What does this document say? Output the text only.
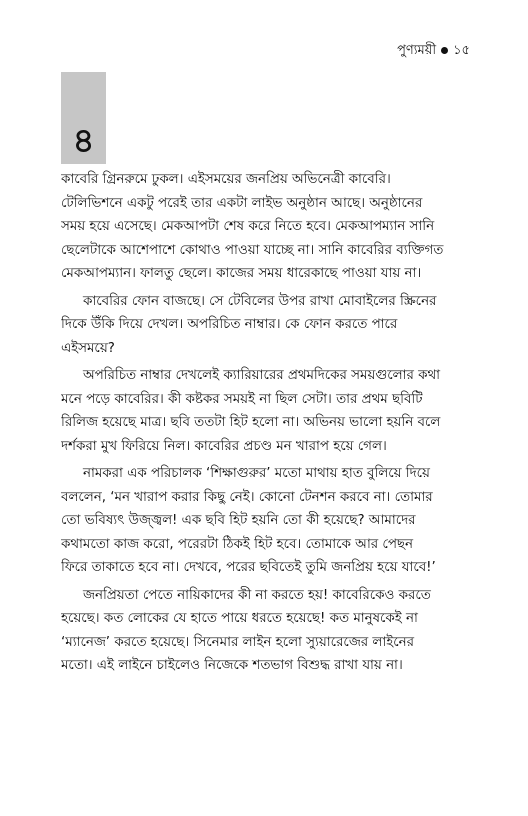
পুণ্যময়ী ১৫
৪
কাবেরি গ্রিনরুমে ঢুকল। এইসময়ের জনপ্রিয় অভিনেত্রী কাবেরি।
টেলিভিশনে একটু পরেই তার একটা লাইভ অনুষ্ঠান আছে। অনুষ্ঠানের
সময় হয়ে এসেছে। মেকআপটা শেষ করে নিতে হবে। মেকআপম্যান সানি
ছেলেটাকে আশেপাশে কোথাও পাওয়া যাচ্ছে না। সানি কাবেরির ব্যক্তিগত
মেকআপম্যান। ফালতু ছেলে। কাজের সময় ধারেকাছে পাওয়া যায় না।
কাবেরির ফোন বাজছে। সে টেবিলের উপর রাখা মোবাইলের স্ক্রিনের
দিকে উঁকি দিয়ে দেখল। অপরিচিত নাম্বার। কে ফোন করতে পারে
এইসময়ে?
অপরিচিত নাম্বার দেখলেই ক্যারিয়ারের প্রথমদিকের সময়গুলোর কথা
মনে পড়ে কাবেরির। কী কষ্টকর সময়ই না ছিল সেটা। তার প্রথম ছবিটি
রিলিজ হয়েছে মাত্র। ছবি ততটা হিট হলো না। অভিনয় ভালো হয়নি বলে
দর্শকরা মুখ ফিরিয়ে নিল। কাবেরির প্রচণ্ড মন খারাপ হয়ে গেল।
নামকরা এক পরিচালক ‘শিক্ষাগুরুর’ মতো মাথায় হাত বুলিয়ে দিয়ে
বললেন, ‘মন খারাপ করার কিছু নেই। কোনো টেনশন করবে না। তোমার
তো ভবিষ্যৎ উজ্জ্বল! এক ছবি হিট হয়নি তো কী হয়েছে? আমাদের
কথামতো কাজ করো, পরেরটা ঠিকই হিট হবে। তোমাকে আর পেছন
ফিরে তাকাতে হবে না। দেখবে, পরের ছবিতেই তুমি জনপ্রিয় হয়ে যাবে!’
জনপ্রিয়তা পেতে নায়িকাদের কী না করতে হয়! কাবেরিকেও করতে
হয়েছে। কত লোকের যে হাতে পায়ে ধরতে হয়েছে! কত মানুষকেই না
‘ম্যানেজ’ করতে হয়েছে। সিনেমার লাইন হলো স্যুয়ারেজের লাইনের
মতো। এই লাইনে চাইলেও নিজেকে শতভাগ বিশুদ্ধ রাখা যায় না।
